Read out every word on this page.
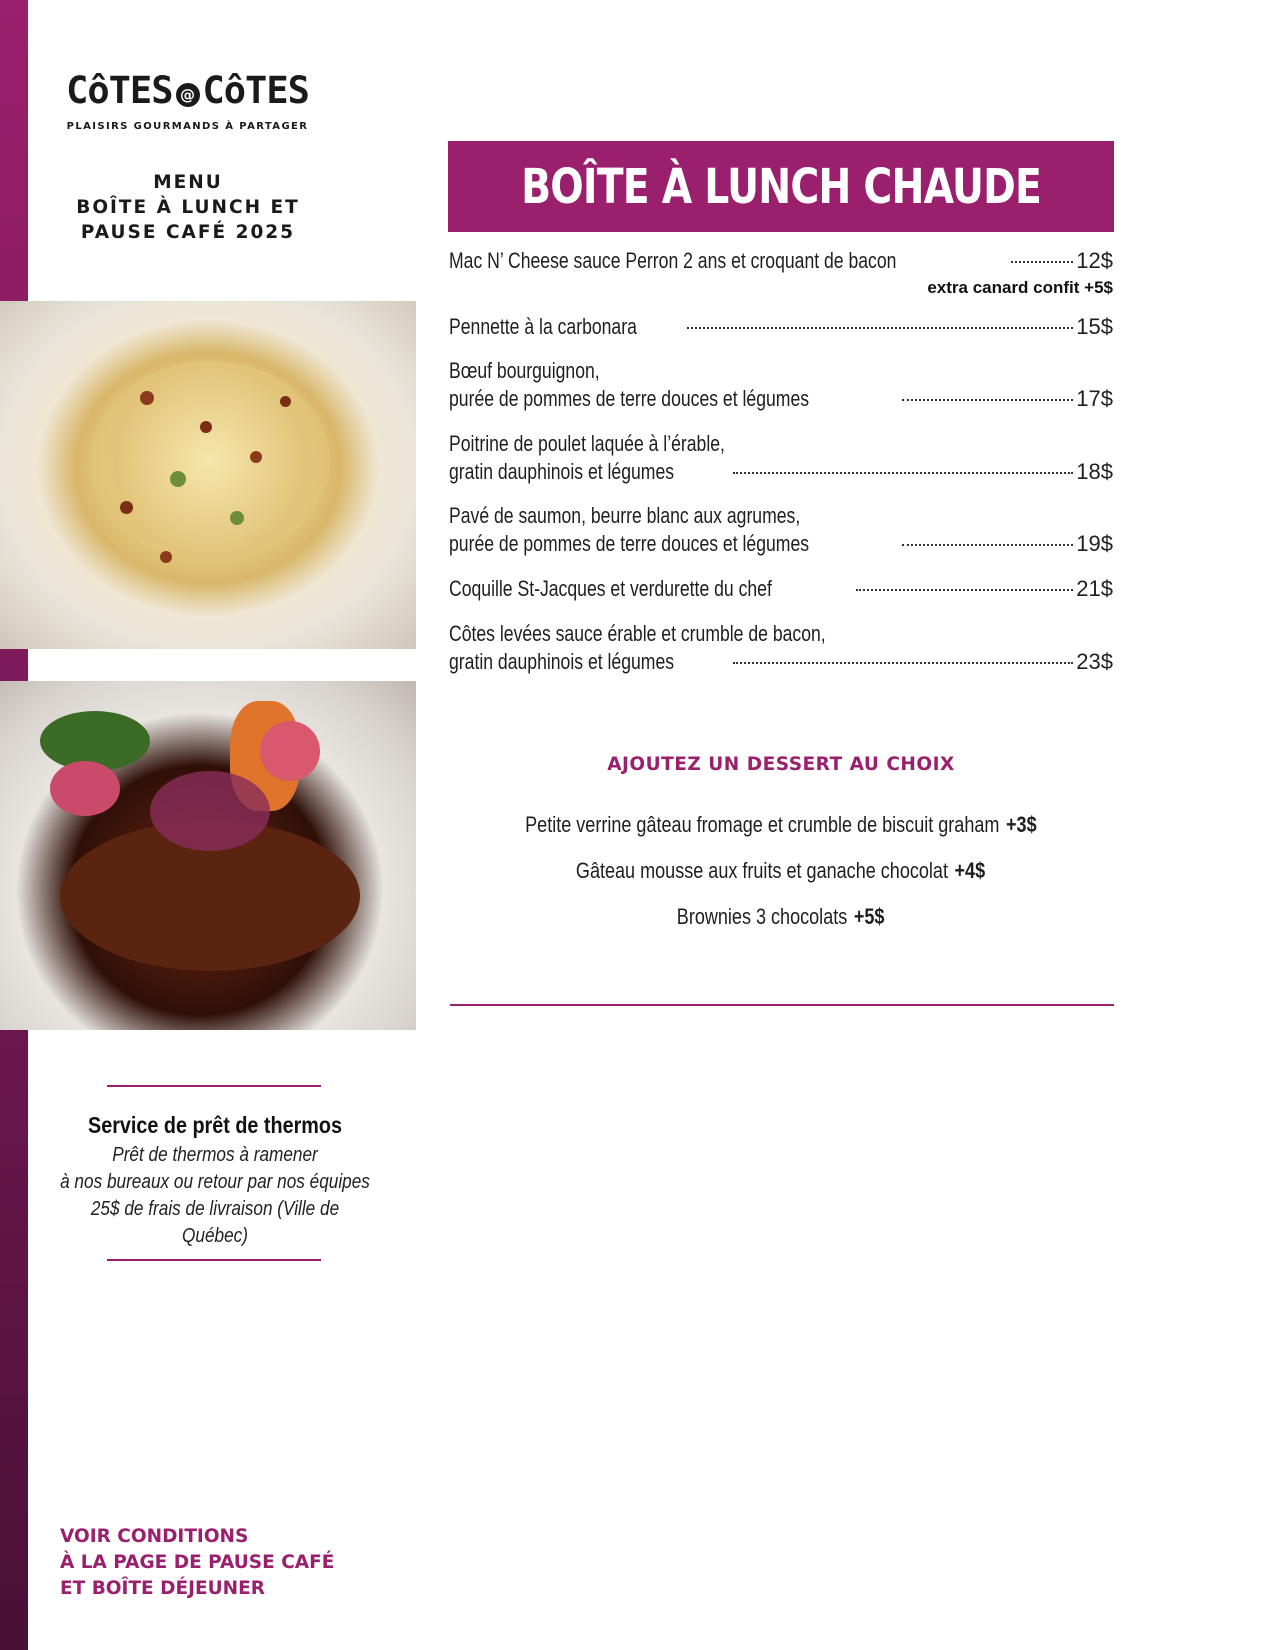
CôTES @ CôTES
PLAISIRS GOURMANDS À PARTAGER
MENU
BOÎTE À LUNCH ET
PAUSE CAFÉ 2025
Service de prêt de thermos
Prêt de thermos à ramener
à nos bureaux ou retour par nos équipes
25$ de frais de livraison (Ville de Québec)
VOIR CONDITIONS
À LA PAGE DE PAUSE CAFÉ
ET BOÎTE DÉJEUNER
BOÎTE À LUNCH CHAUDE
Mac N’ Cheese sauce Perron 2 ans et croquant de bacon	12$
extra canard confit +5$
Pennette à la carbonara	15$
Bœuf bourguignon,
purée de pommes de terre douces et légumes	17$
Poitrine de poulet laquée à l’érable,
gratin dauphinois et légumes	18$
Pavé de saumon, beurre blanc aux agrumes,
purée de pommes de terre douces et légumes	19$
Coquille St-Jacques et verdurette du chef	21$
Côtes levées sauce érable et crumble de bacon,
gratin dauphinois et légumes	23$
AJOUTEZ UN DESSERT AU CHOIX
Petite verrine gâteau fromage et crumble de biscuit graham +3$
Gâteau mousse aux fruits et ganache chocolat +4$
Brownies 3 chocolats +5$
